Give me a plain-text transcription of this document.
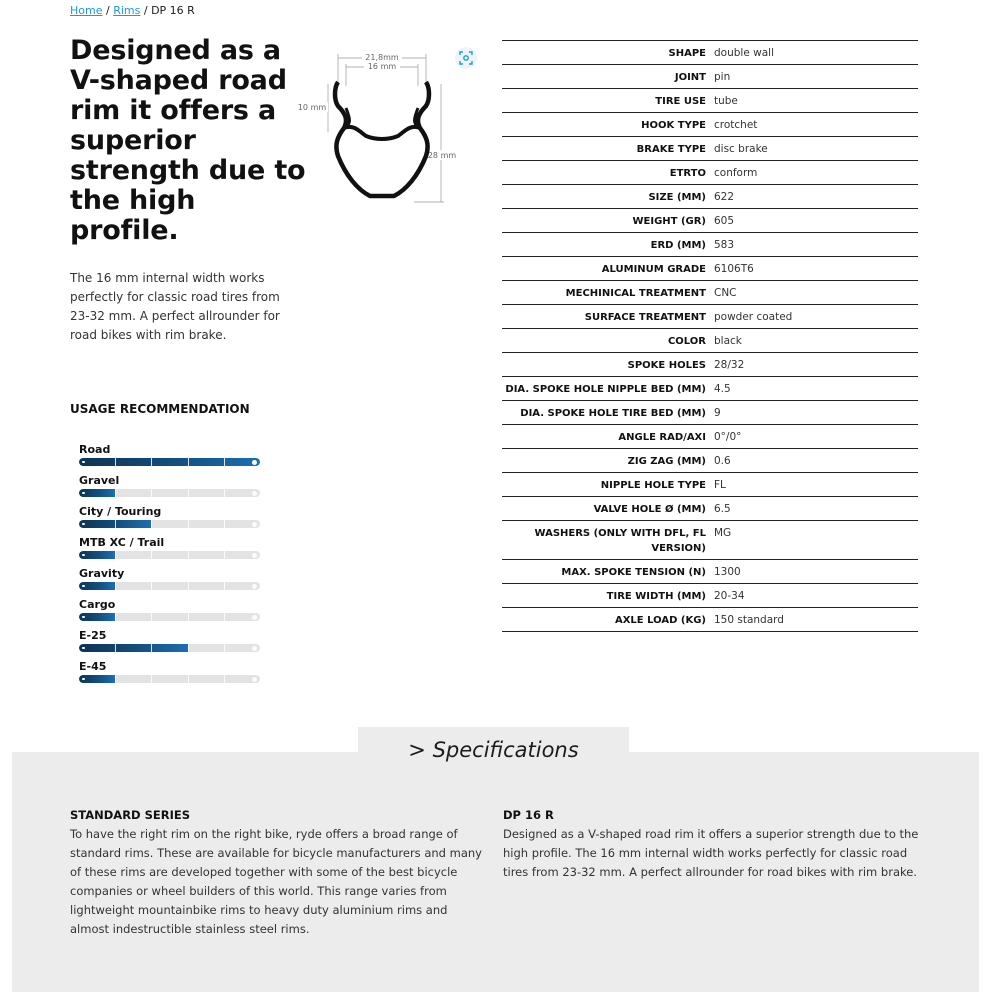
Home / Rims / DP 16 R
Designed as a V-shaped road rim it offers a superior strength due to the high profile.

The 16 mm internal width works perfectly for classic road tires from 23-32 mm. A perfect allrounder for road bikes with rim brake.

USAGE RECOMMENDATION
Road
Gravel
City / Touring
MTB XC / Trail
Gravity
Cargo
E-25
E-45
21,8mm
16 mm
10 mm
28 mm
SHAPE double wall
JOINT pin
TIRE USE tube
HOOK TYPE crotchet
BRAKE TYPE disc brake
ETRTO conform
SIZE (MM) 622
WEIGHT (GR) 605
ERD (MM) 583
ALUMINUM GRADE 6106T6
MECHINICAL TREATMENT CNC
SURFACE TREATMENT powder coated
COLOR black
SPOKE HOLES 28/32
DIA. SPOKE HOLE NIPPLE BED (MM) 4.5
DIA. SPOKE HOLE TIRE BED (MM) 9
ANGLE RAD/AXI 0°/0°
ZIG ZAG (MM) 0.6
NIPPLE HOLE TYPE FL
VALVE HOLE Ø (MM) 6.5
WASHERS (ONLY WITH DFL, FL VERSION)
MG
MAX. SPOKE TENSION (N) 1300
TIRE WIDTH (MM) 20-34
AXLE LOAD (KG) 150 standard
STANDARD SERIES
To have the right rim on the right bike, ryde offers a broad range of standard rims. These are available for bicycle manufacturers and many of these rims are developed together with some of the best bicycle companies or wheel builders of this world. This range varies from lightweight mountainbike rims to heavy duty aluminium rims and almost indestructible stainless steel rims.
DP 16 R
Designed as a V-shaped road rim it offers a superior strength due to the high profile. The 16 mm internal width works perfectly for classic road tires from 23-32 mm. A perfect allrounder for road bikes with rim brake.
> Specifications
